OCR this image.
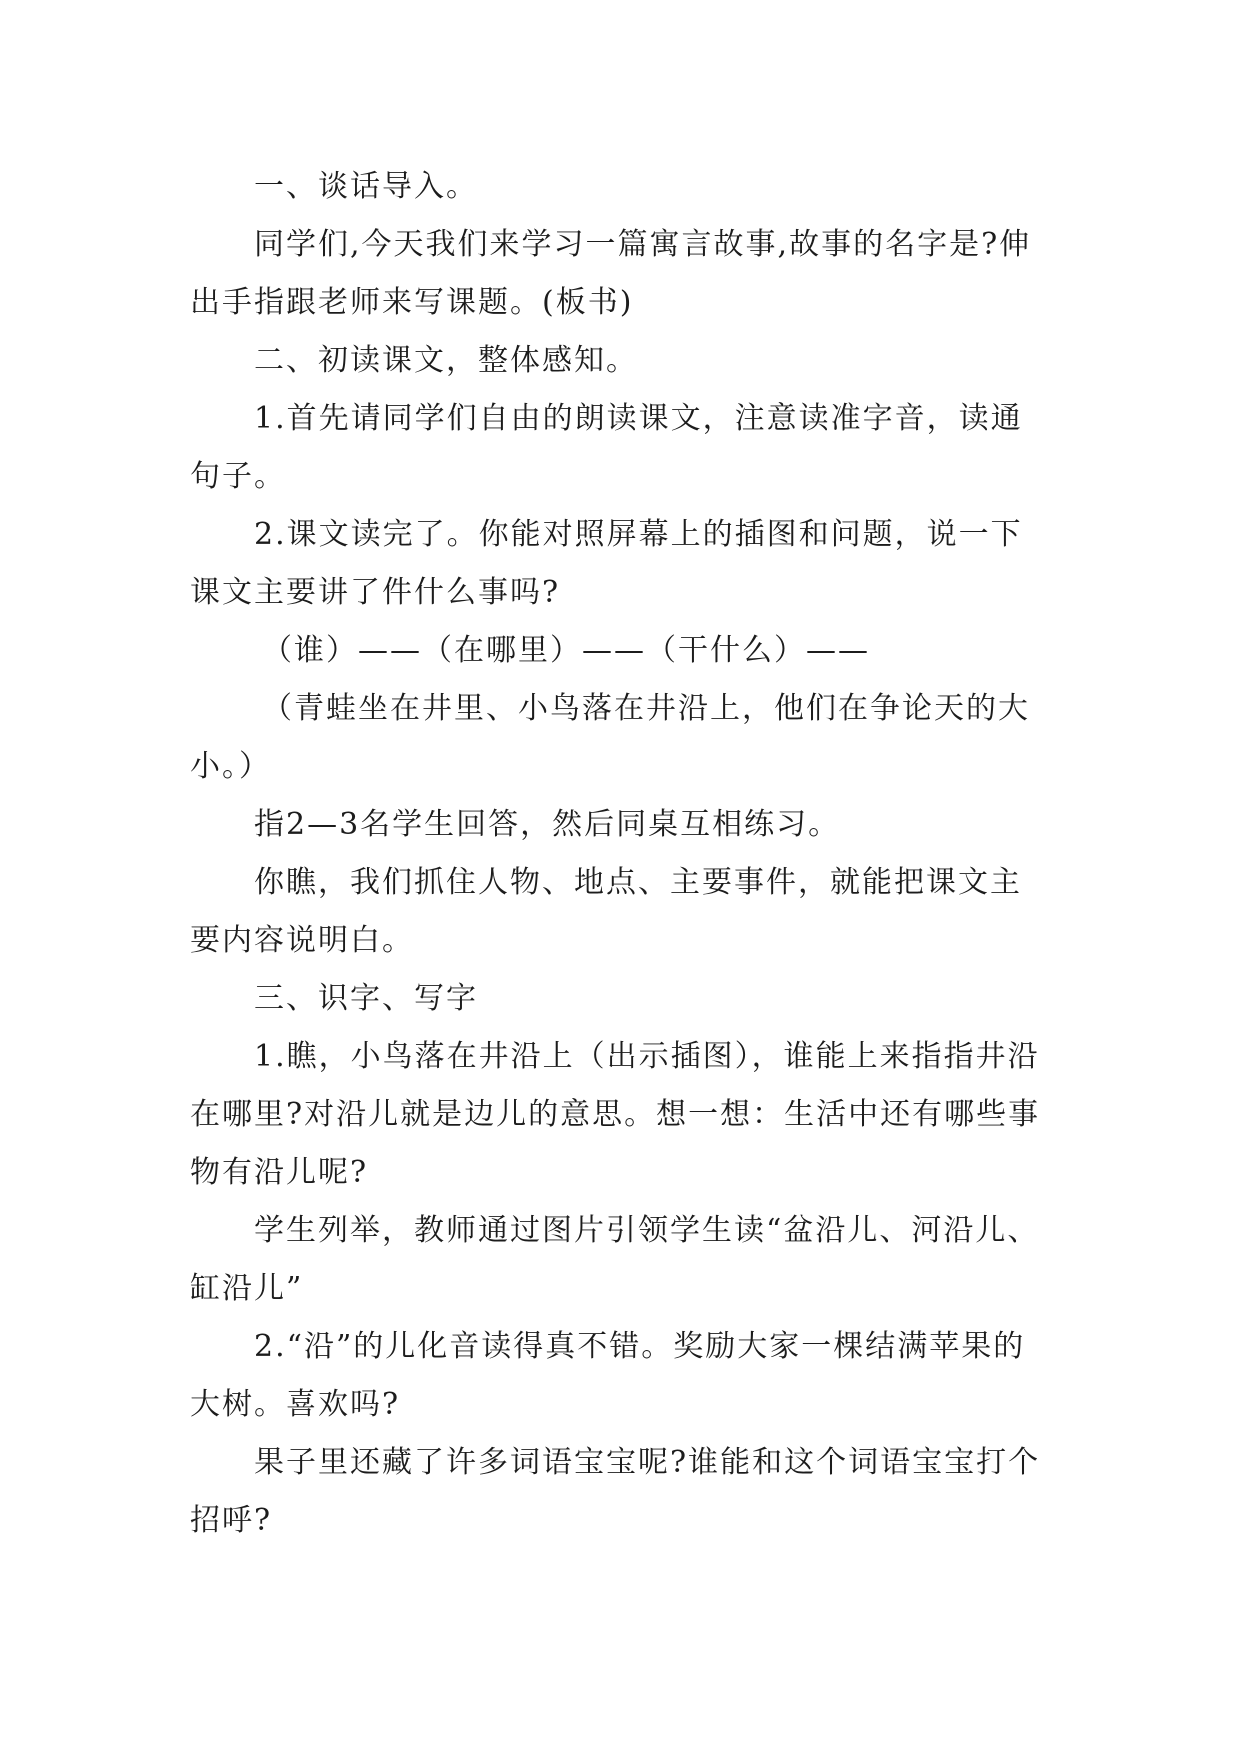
一、谈话导入。

同学们,今天我们来学习一篇寓言故事,故事的名字是?伸出手指跟老师来写课题。(板书)

二、初读课文，整体感知。

1.首先请同学们自由的朗读课文，注意读准字音，读通句子。

2.课文读完了。你能对照屏幕上的插图和问题，说一下课文主要讲了件什么事吗?

（谁）——（在哪里）——（干什么）——

（青蛙坐在井里、小鸟落在井沿上，他们在争论天的大小。）

指2—3名学生回答，然后同桌互相练习。

你瞧，我们抓住人物、地点、主要事件，就能把课文主要内容说明白。

三、识字、写字

1.瞧，小鸟落在井沿上（出示插图），谁能上来指指井沿在哪里?对沿儿就是边儿的意思。想一想：生活中还有哪些事物有沿儿呢?

学生列举，教师通过图片引领学生读“盆沿儿、河沿儿、缸沿儿”

2.“沿”的儿化音读得真不错。奖励大家一棵结满苹果的大树。喜欢吗?

果子里还藏了许多词语宝宝呢?谁能和这个词语宝宝打个招呼?
